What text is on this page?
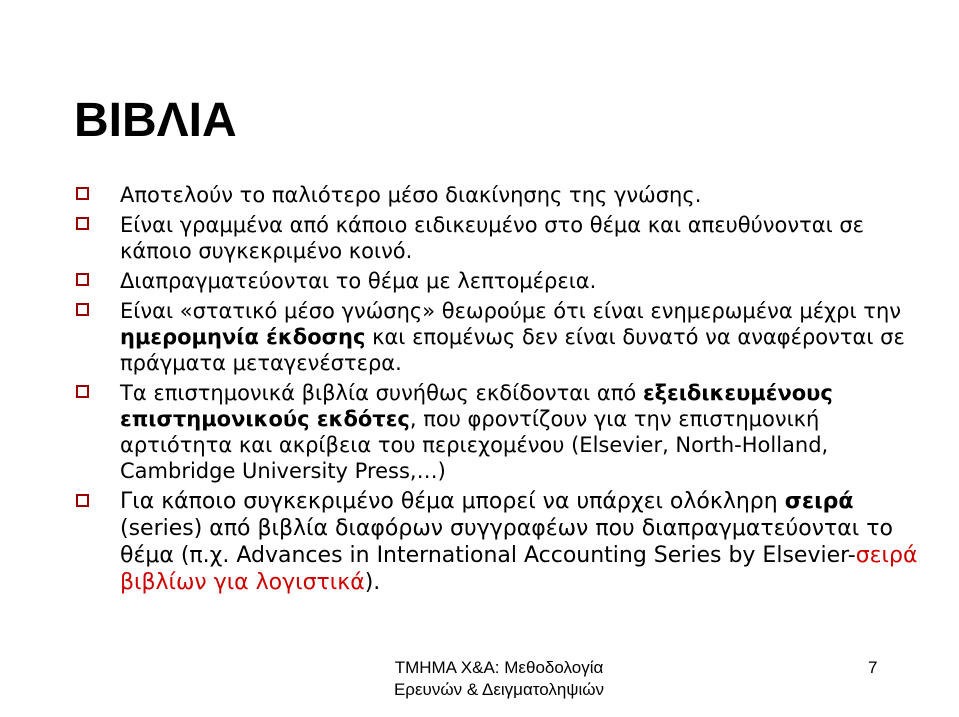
ΒΙΒΛΙΑ
Αποτελούν το παλιότερο μέσο διακίνησης της γνώσης.
Είναι γραμμένα από κάποιο ειδικευμένο στο θέμα και απευθύνονται σε κάποιο συγκεκριμένο κοινό.
Διαπραγματεύονται το θέμα με λεπτομέρεια.
Είναι «στατικό μέσο γνώσης» θεωρούμε ότι είναι ενημερωμένα μέχρι την ημερομηνία έκδοσης και επομένως δεν είναι δυνατό να αναφέρονται σε πράγματα μεταγενέστερα.
Τα επιστημονικά βιβλία συνήθως εκδίδονται από εξειδικευμένους επιστημονικούς εκδότες, που φροντίζουν για την επιστημονική αρτιότητα και ακρίβεια του περιεχομένου (Elsevier, North-Holland, Cambridge University Press,…)
Για κάποιο συγκεκριμένο θέμα μπορεί να υπάρχει ολόκληρη σειρά (series) από βιβλία διαφόρων συγγραφέων που διαπραγματεύονται το θέμα (π.χ. Advances in International Accounting Series by Elsevier-σειρά βιβλίων για λογιστικά).
ΤΜΗΜΑ Χ&Α: Μεθοδολογία
Ερευνών & Δειγματοληψιών
7
